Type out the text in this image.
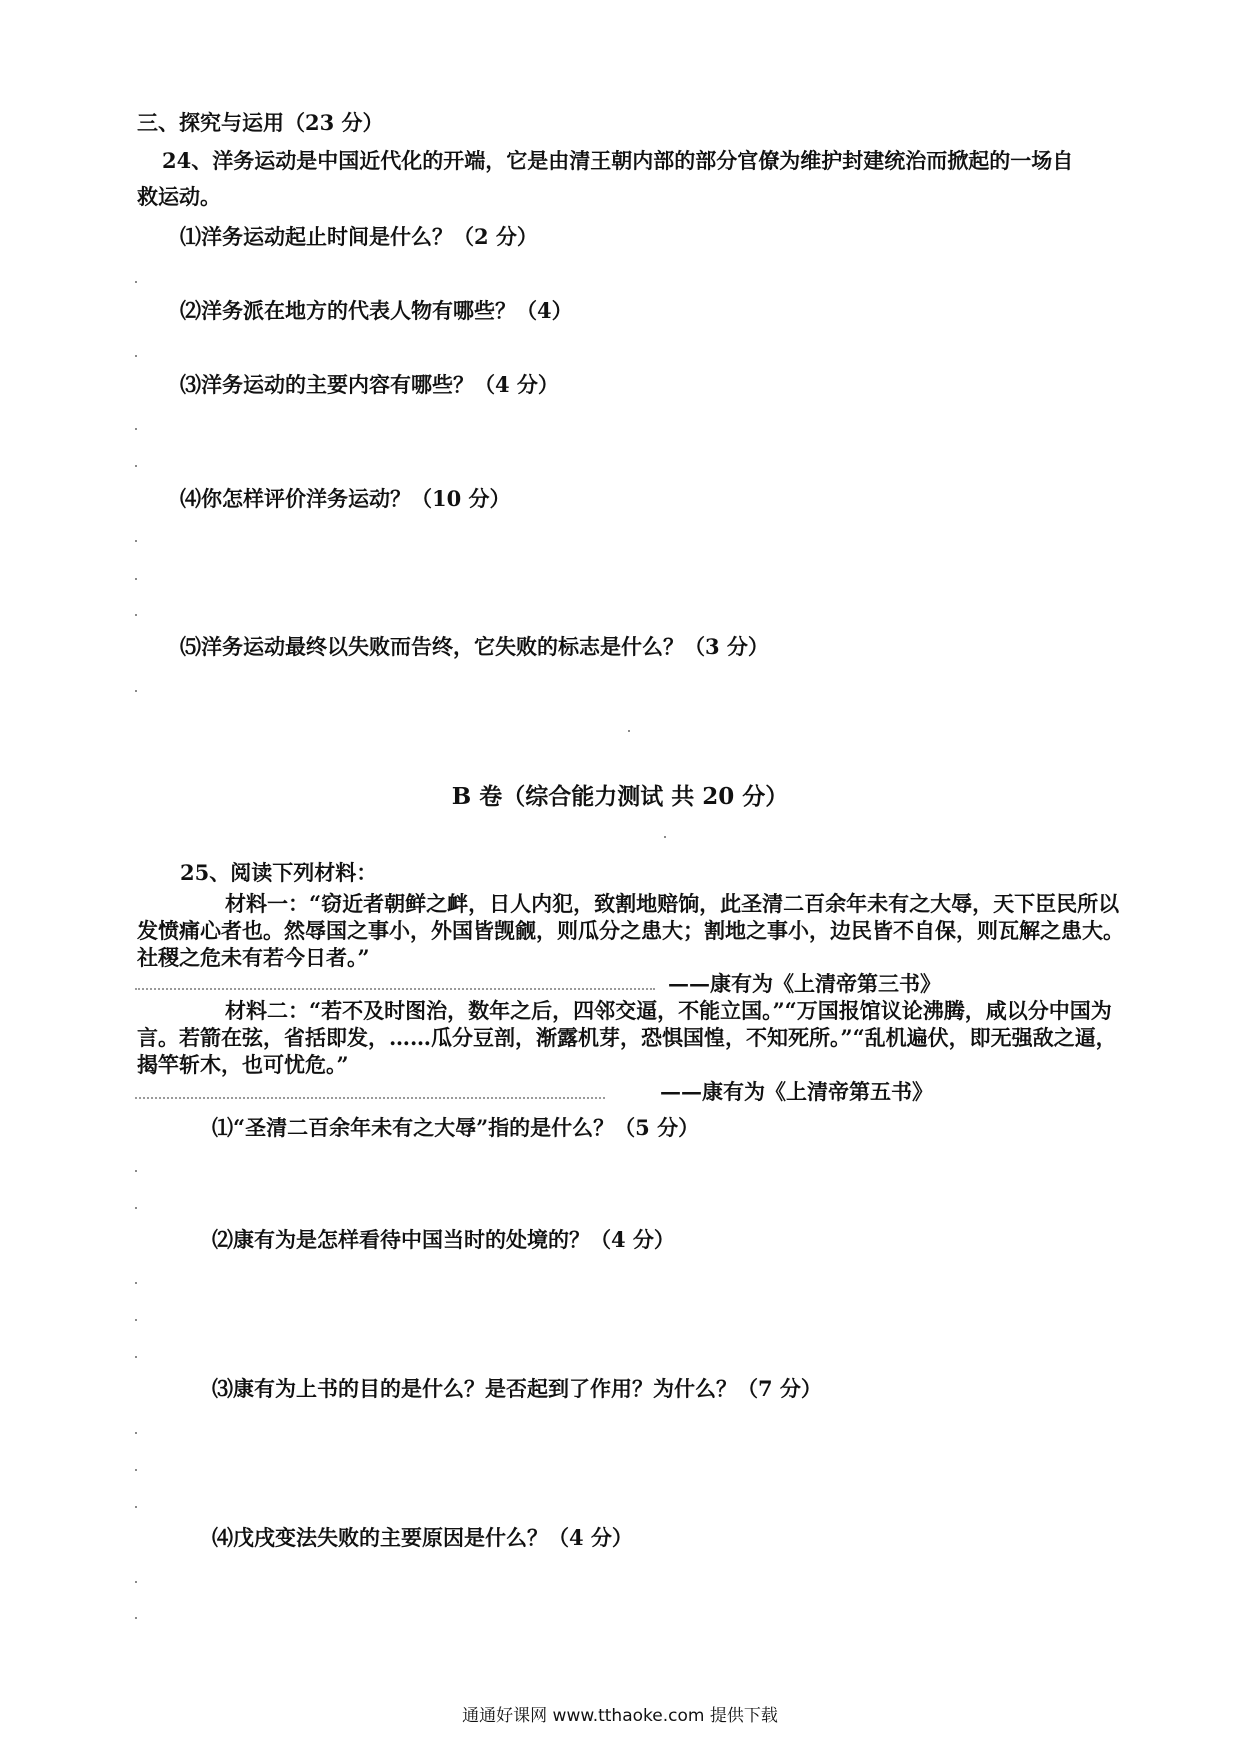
三、探究与运用（23 分）
24、洋务运动是中国近代化的开端，它是由清王朝内部的部分官僚为维护封建统治而掀起的一场自
救运动。
⑴洋务运动起止时间是什么？（2 分）
⑵洋务派在地方的代表人物有哪些？（4）
⑶洋务运动的主要内容有哪些？（4 分）
⑷你怎样评价洋务运动？（10 分）
⑸洋务运动最终以失败而告终，它失败的标志是什么？（3 分）
B 卷（综合能力测试 共 20 分）
25、阅读下列材料：
材料一：“窃近者朝鲜之衅，日人内犯，致割地赔饷，此圣清二百余年未有之大辱，天下臣民所以发愤痛心者也。然辱国之事小，外国皆觊觎，则瓜分之患大；割地之事小，边民皆不自保，则瓦解之患大。社稷之危未有若今日者。”
——康有为《上清帝第三书》
材料二：“若不及时图治，数年之后，四邻交逼，不能立国。”“万国报馆议论沸腾，咸以分中国为言。若箭在弦，省括即发，……瓜分豆剖，渐露机芽，恐惧国惶，不知死所。”“乱机遍伏，即无强敌之逼，揭竿斩木，也可忧危。”
——康有为《上清帝第五书》
⑴“圣清二百余年未有之大辱”指的是什么？（5 分）
⑵康有为是怎样看待中国当时的处境的？（4 分）
⑶康有为上书的目的是什么？是否起到了作用？为什么？（7 分）
⑷戊戌变法失败的主要原因是什么？（4 分）
通通好课网 www.tthaoke.com 提供下载
